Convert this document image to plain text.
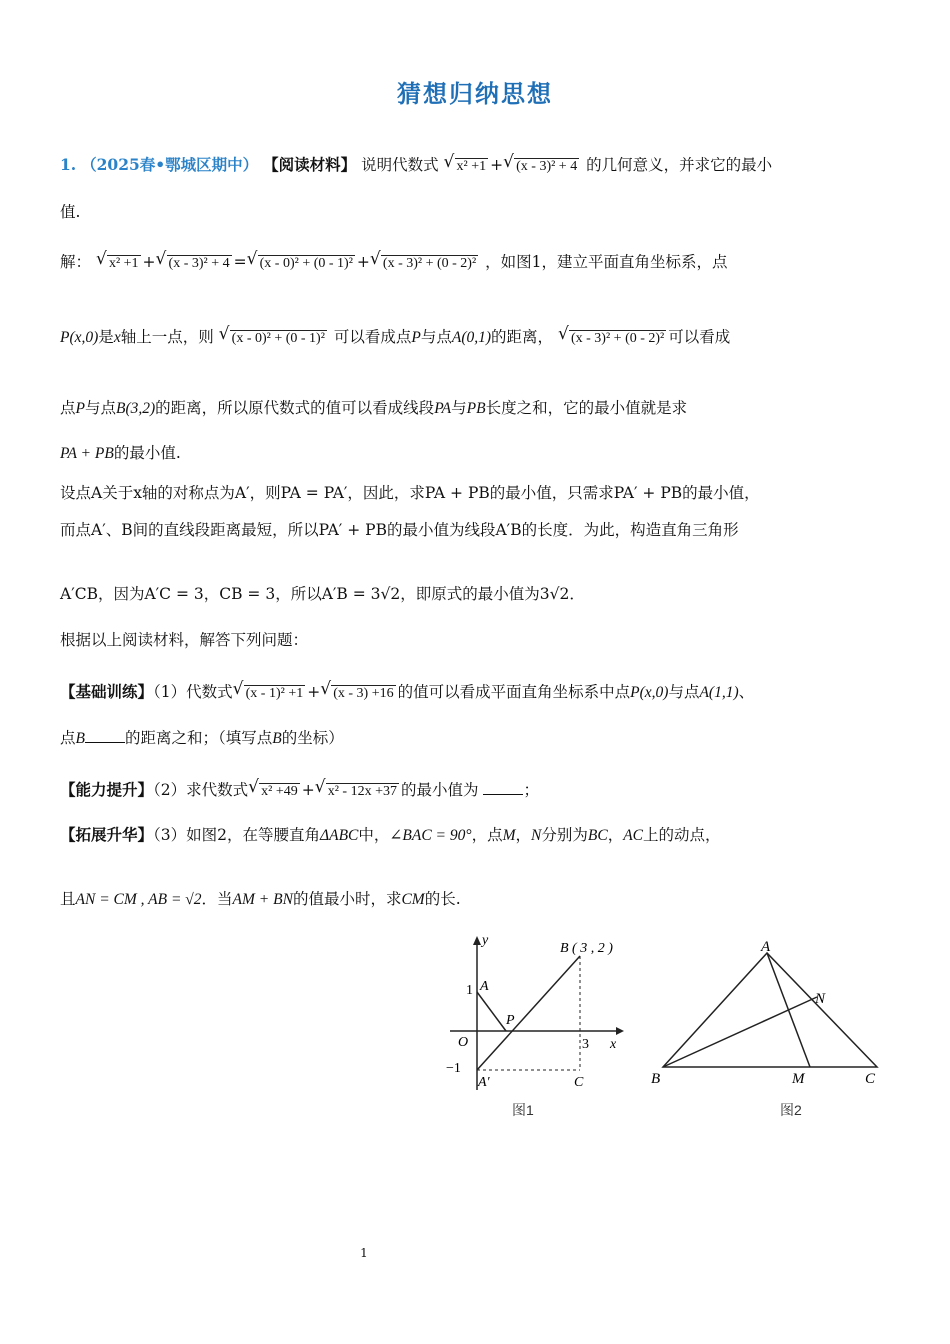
猜想归纳思想
1. （2025春•鄂城区期中） 【阅读材料】 说明代数式 √ x² +1 + √ (x - 3)² + 4 的几何意义，并求它的最小
值.
解： √ x² +1 + √ (x - 3)² + 4 = √ (x - 0)² + (0 - 1)² + √ (x - 3)² + (0 - 2)² ，如图1，建立平面直角坐标系，点
P(x,0)是x轴上一点，则 √ (x - 0)² + (0 - 1)² 可以看成点P与点A(0,1)的距离， √ (x - 3)² + (0 - 2)² 可以看成
点P与点B(3,2)的距离，所以原代数式的值可以看成线段PA与PB长度之和，它的最小值就是求
PA + PB的最小值.
设点A关于x轴的对称点为A′，则PA = PA′，因此，求PA + PB的最小值，只需求PA′ + PB的最小值，
而点A′、B间的直线段距离最短，所以PA′ + PB的最小值为线段A′B的长度．为此，构造直角三角形
A′CB，因为A′C = 3，CB = 3，所以A′B = 3√2，即原式的最小值为3√2．
根据以上阅读材料，解答下列问题：
【基础训练】（1）代数式 √ (x - 1)² +1 + √ (x - 3) +16 的值可以看成平面直角坐标系中点P(x,0)与点A(1,1)、
点B	的距离之和；（填写点B的坐标）
【能力提升】（2）求代数式 √ x² +49 + √ x² - 12x +37 的最小值为	；
【拓展升华】（3）如图2，在等腰直角ΔABC中，∠BAC = 90°，点M，N分别为BC，AC上的动点，
且AN = CM , AB = √2．当AM + BN的值最小时，求CM的长.
y
x
O
1
−1
3
A
P
B ( 3 , 2 )
A′	C
图1
A
B	C
M
N
图2
1
